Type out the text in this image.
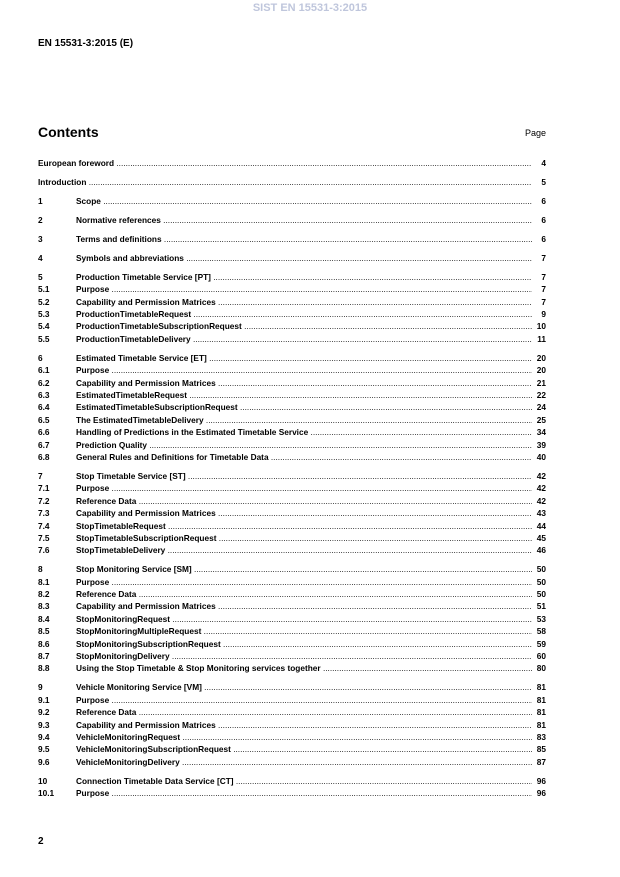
SIST EN 15531-3:2015
EN 15531-3:2015 (E)
Contents	Page
European foreword .....	4
Introduction .....	5
1	Scope .....	6
2	Normative references .....	6
3	Terms and definitions .....	6
4	Symbols and abbreviations .....	7
5	Production Timetable Service [PT] .....	7
5.1	Purpose .....	7
5.2	Capability and Permission Matrices .....	7
5.3	ProductionTimetableRequest .....	9
5.4	ProductionTimetableSubscriptionRequest .....	10
5.5	ProductionTimetableDelivery .....	11
6	Estimated Timetable Service [ET] .....	20
6.1	Purpose .....	20
6.2	Capability and Permission Matrices .....	21
6.3	EstimatedTimetableRequest .....	22
6.4	EstimatedTimetableSubscriptionRequest .....	24
6.5	The EstimatedTimetableDelivery .....	25
6.6	Handling of Predictions in the Estimated Timetable Service .....	34
6.7	Prediction Quality .....	39
6.8	General Rules and Definitions for Timetable Data .....	40
7	Stop Timetable Service [ST] .....	42
7.1	Purpose .....	42
7.2	Reference Data .....	42
7.3	Capability and Permission Matrices .....	43
7.4	StopTimetableRequest .....	44
7.5	StopTimetableSubscriptionRequest .....	45
7.6	StopTimetableDelivery .....	46
8	Stop Monitoring Service [SM] .....	50
8.1	Purpose .....	50
8.2	Reference Data .....	50
8.3	Capability and Permission Matrices .....	51
8.4	StopMonitoringRequest .....	53
8.5	StopMonitoringMultipleRequest .....	58
8.6	StopMonitoringSubscriptionRequest .....	59
8.7	StopMonitoringDelivery .....	60
8.8	Using the Stop Timetable & Stop Monitoring services together .....	80
9	Vehicle Monitoring Service [VM] .....	81
9.1	Purpose .....	81
9.2	Reference Data .....	81
9.3	Capability and Permission Matrices .....	81
9.4	VehicleMonitoringRequest .....	83
9.5	VehicleMonitoringSubscriptionRequest .....	85
9.6	VehicleMonitoringDelivery .....	87
10	Connection Timetable Data Service [CT] .....	96
10.1	Purpose .....	96
2
